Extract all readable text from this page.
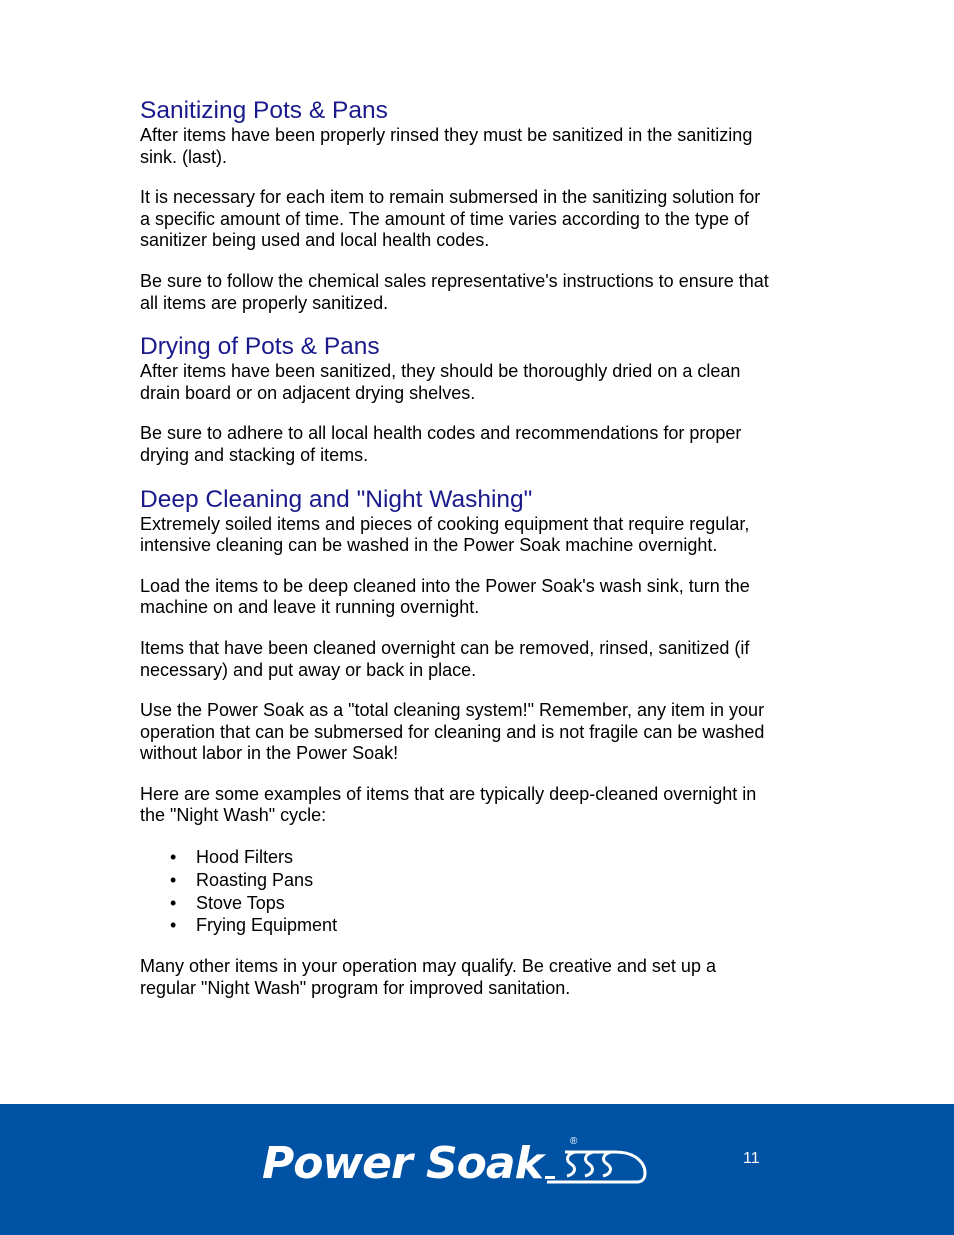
Sanitizing Pots & Pans

After items have been properly rinsed they must be sanitized in the sanitizing sink. (last).

It is necessary for each item to remain submersed in the sanitizing solution for a specific amount of time. The amount of time varies according to the type of sanitizer being used and local health codes.

Be sure to follow the chemical sales representative's instructions to ensure that all items are properly sanitized.

Drying of Pots & Pans

After items have been sanitized, they should be thoroughly dried on a clean drain board or on adjacent drying shelves.

Be sure to adhere to all local health codes and recommendations for proper drying and stacking of items.

Deep Cleaning and "Night Washing"

Extremely soiled items and pieces of cooking equipment that require regular, intensive cleaning can be washed in the Power Soak machine overnight.

Load the items to be deep cleaned into the Power Soak's wash sink, turn the machine on and leave it running overnight.

Items that have been cleaned overnight can be removed, rinsed, sanitized (if necessary) and put away or back in place.

Use the Power Soak as a "total cleaning system!" Remember, any item in your operation that can be submersed for cleaning and is not fragile can be washed without labor in the Power Soak!

Here are some examples of items that are typically deep-cleaned overnight in the "Night Wash" cycle:

• Hood Filters
• Roasting Pans
• Stove Tops
• Frying Equipment

Many other items in your operation may qualify. Be creative and set up a regular "Night Wash" program for improved sanitation.

Power Soak	®
11
